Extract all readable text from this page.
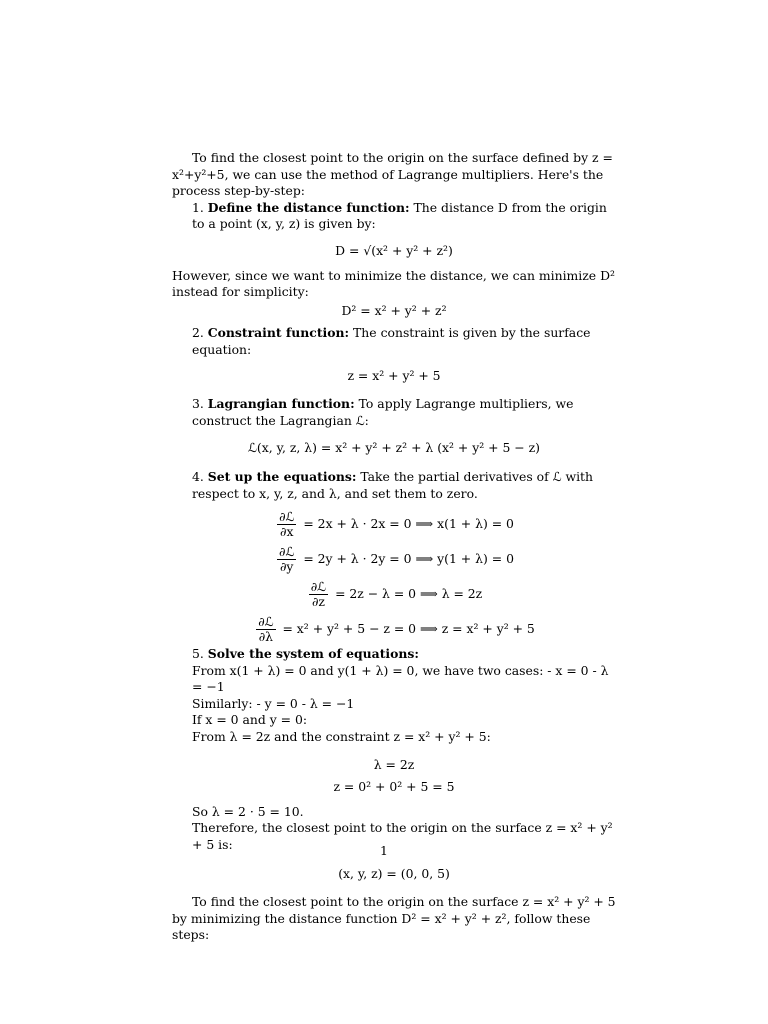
To find the closest point to the origin on the surface defined by z = x²+y²+5, we can use the method of Lagrange multipliers. Here's the process step-by-step:

1. Define the distance function: The distance D from the origin to a point (x, y, z) is given by:

D = √(x² + y² + z²)

However, since we want to minimize the distance, we can minimize D² instead for simplicity:

D² = x² + y² + z²

2. Constraint function: The constraint is given by the surface equation:

z = x² + y² + 5

3. Lagrangian function: To apply Lagrange multipliers, we construct the Lagrangian ℒ:

ℒ(x, y, z, λ) = x² + y² + z² + λ (x² + y² + 5 − z)

4. Set up the equations: Take the partial derivatives of ℒ with respect to x, y, z, and λ, and set them to zero.

$\frac{\text{∂ℒ}}{\partial x} = 2x + \lambda \cdot 2x = 0$ ⟹ x(1 + λ) = 0

$\frac{\text{∂ℒ}}{\partial y} = 2y + \lambda \cdot 2y = 0$ ⟹ y(1 + λ) = 0

$\frac{\text{∂ℒ}}{\partial z} = 2z - \lambda = 0$ ⟹ λ = 2z

$\frac{\text{∂ℒ}}{\partial\lambda} = x^2 + y^2 + 5 - z = 0$ ⟹ z = x² + y² + 5

5. Solve the system of equations:

From x(1 + λ) = 0 and y(1 + λ) = 0, we have two cases: - x = 0 - λ = −1

Similarly: - y = 0 - λ = −1

If x = 0 and y = 0:

From λ = 2z and the constraint z = x² + y² + 5:

λ = 2z

z = 0² + 0² + 5 = 5

So λ = 2 · 5 = 10.

Therefore, the closest point to the origin on the surface z = x² + y² + 5 is:

(x, y, z) = (0, 0, 5)

To find the closest point to the origin on the surface z = x² + y² + 5 by minimizing the distance function D² = x² + y² + z², follow these steps:

1
